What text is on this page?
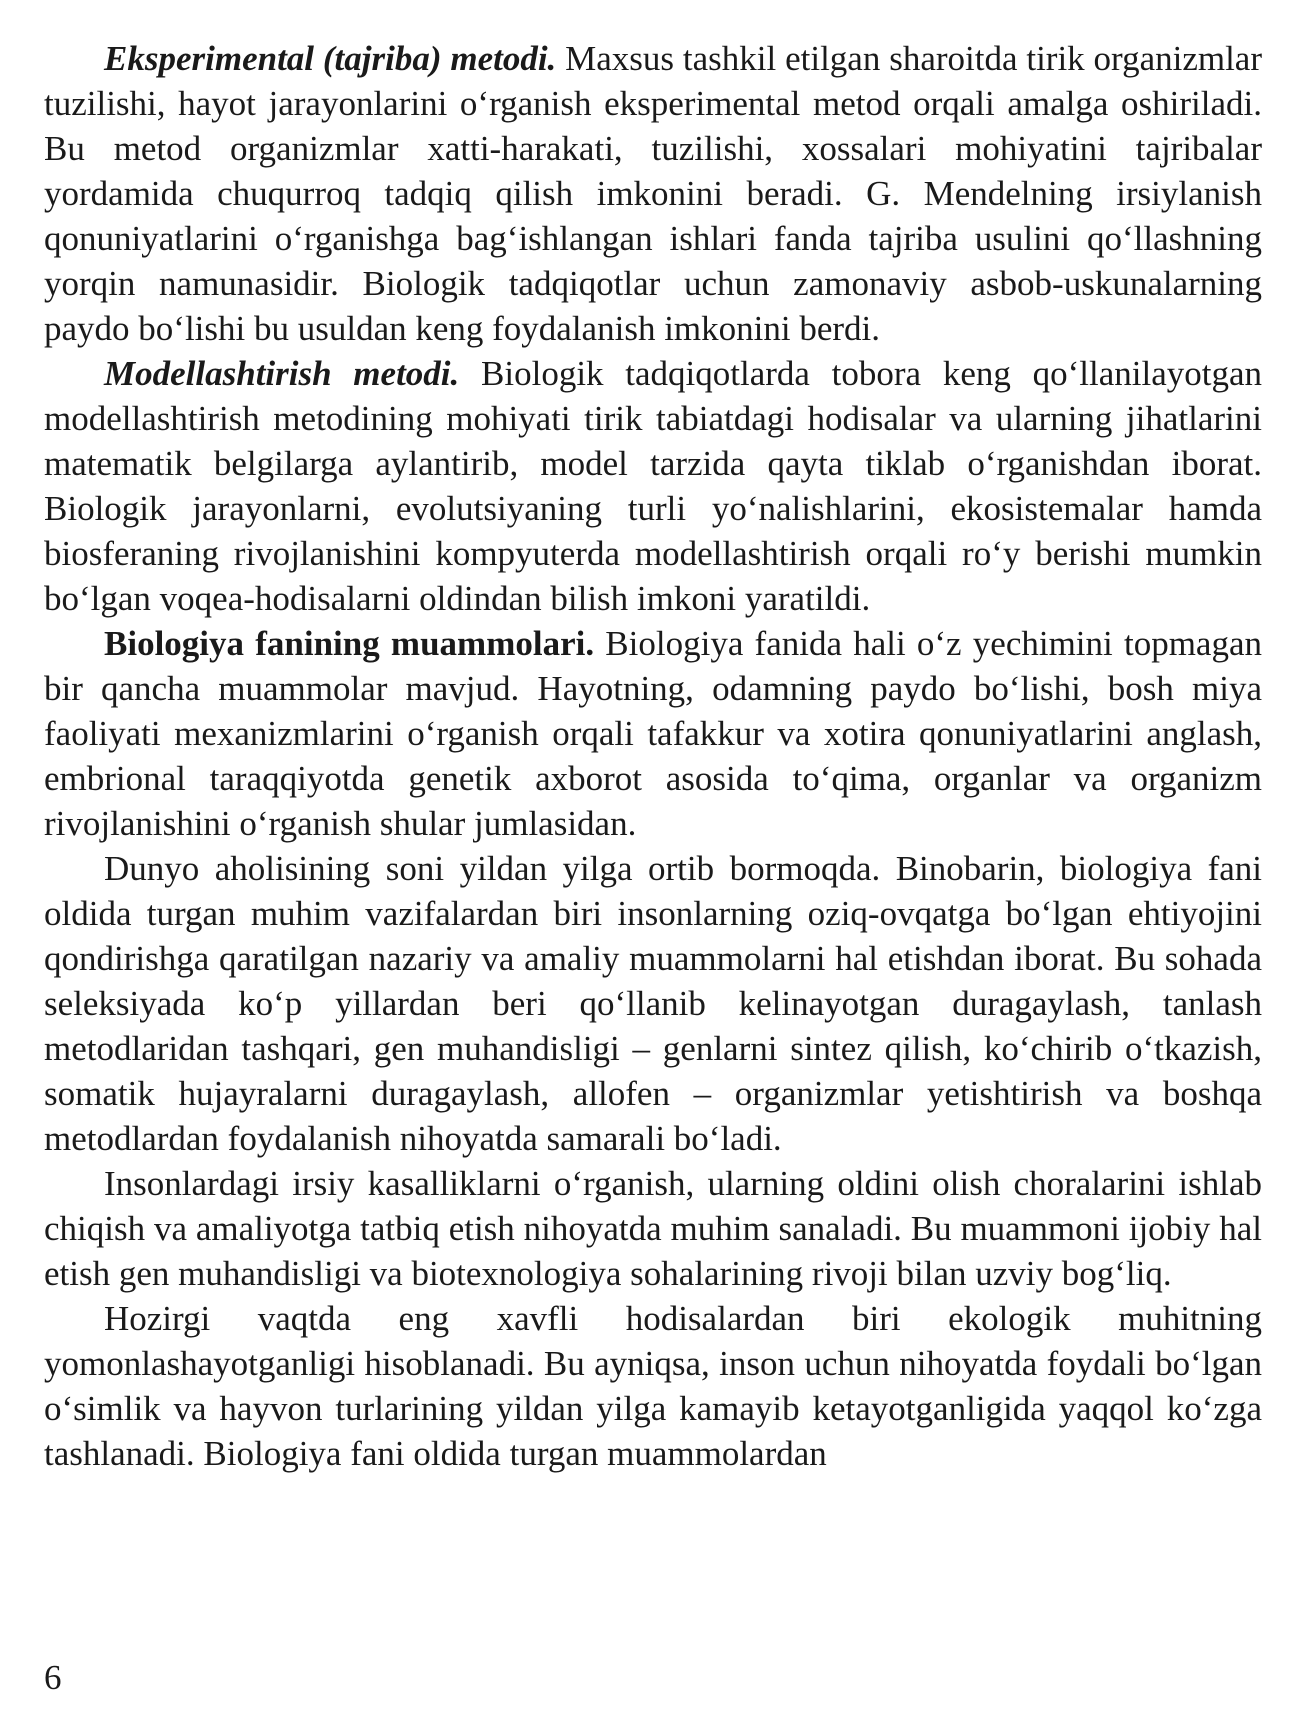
Eksperimental (tajriba) metodi. Maxsus tashkil etilgan sharoitda tirik organizmlar tuzilishi, hayot jarayonlarini o‘rganish eksperimental metod orqali amalga oshiriladi. Bu metod organizmlar xatti-harakati, tuzilishi, xossalari mohiyatini tajribalar yordamida chuqurroq tadqiq qilish imkonini beradi. G. Mendelning irsiylanish qonuniyatlarini o‘rganishga bag‘ishlangan ishlari fanda tajriba usulini qo‘llashning yorqin namunasidir. Biologik tadqiqotlar uchun zamonaviy asbob-uskunalarning paydo bo‘lishi bu usuldan keng foydalanish imkonini berdi.

Modellashtirish metodi. Biologik tadqiqotlarda tobora keng qo‘llanilayotgan modellashtirish metodining mohiyati tirik tabiatdagi hodisalar va ularning jihatlarini matematik belgilarga aylantirib, model tarzida qayta tiklab o‘rganishdan iborat. Biologik jarayonlarni, evolutsiyaning turli yo‘nalishlarini, ekosistemalar hamda biosferaning rivojlanishini kompyuterda modellashtirish orqali ro‘y berishi mumkin bo‘lgan voqea-hodisalarni oldindan bilish imkoni yaratildi.

Biologiya fanining muammolari. Biologiya fanida hali o‘z yechimini topmagan bir qancha muammolar mavjud. Hayotning, odamning paydo bo‘lishi, bosh miya faoliyati mexanizmlarini o‘rganish orqali tafakkur va xotira qonuniyatlarini anglash, embrional taraqqiyotda genetik axborot asosida to‘qima, organlar va organizm rivojlanishini o‘rganish shular jumlasidan.

Dunyo aholisining soni yildan yilga ortib bormoqda. Binobarin, biologiya fani oldida turgan muhim vazifalardan biri insonlarning oziq-ovqatga bo‘lgan ehtiyojini qondirishga qaratilgan nazariy va amaliy muammolarni hal etishdan iborat. Bu sohada seleksiyada ko‘p yillardan beri qo‘llanib kelinayotgan duragaylash, tanlash metodlaridan tashqari, gen muhandisligi – genlarni sintez qilish, ko‘chirib o‘tkazish, somatik hujayralarni duragaylash, allofen – organizmlar yetishtirish va boshqa metodlardan foydalanish nihoyatda samarali bo‘ladi.

Insonlardagi irsiy kasalliklarni o‘rganish, ularning oldini olish choralarini ishlab chiqish va amaliyotga tatbiq etish nihoyatda muhim sanaladi. Bu muammoni ijobiy hal etish gen muhandisligi va biotexnologiya sohalarining rivoji bilan uzviy bog‘liq.

Hozirgi vaqtda eng xavfli hodisalardan biri ekologik muhitning yomonlashayotganligi hisoblanadi. Bu ayniqsa, inson uchun nihoyatda foydali bo‘lgan o‘simlik va hayvon turlarining yildan yilga kamayib ketayotganligida yaqqol ko‘zga tashlanadi. Biologiya fani oldida turgan muammolardan

6
